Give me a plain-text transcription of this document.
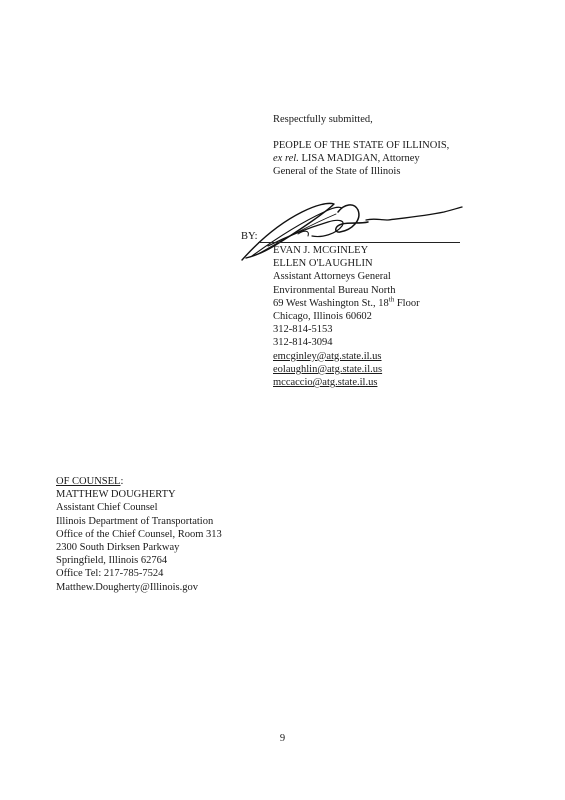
Respectfully submitted,
PEOPLE OF THE STATE OF ILLINOIS,
ex rel. LISA MADIGAN, Attorney
General of the State of Illinois
BY:
EVAN J. MCGINLEY
ELLEN O'LAUGHLIN
Assistant Attorneys General
Environmental Bureau North
69 West Washington St., 18th Floor
Chicago, Illinois 60602
312-814-5153
312-814-3094
emcginley@atg.state.il.us
eolaughlin@atg.state.il.us
mccaccio@atg.state.il.us
OF COUNSEL:
MATTHEW DOUGHERTY
Assistant Chief Counsel
Illinois Department of Transportation
Office of the Chief Counsel, Room 313
2300 South Dirksen Parkway
Springfield, Illinois 62764
Office Tel: 217-785-7524
Matthew.Dougherty@Illinois.gov
9
